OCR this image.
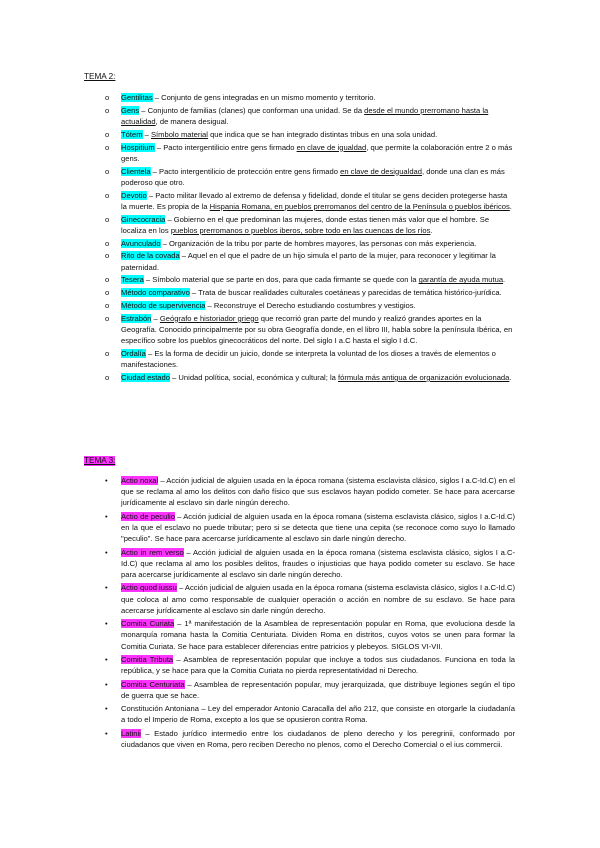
TEMA 2:
o	Gentilitas – Conjunto de gens integradas en un mismo momento y territorio.
o	Gens – Conjunto de familias (clanes) que conforman una unidad. Se da desde el mundo prerromano hasta la actualidad, de manera desigual.
o	Tótem – Símbolo material que indica que se han integrado distintas tribus en una sola unidad.
o	Hospitium – Pacto intergentilicio entre gens firmado en clave de igualdad, que permite la colaboración entre 2 o más gens.
o	Clientela – Pacto intergentilicio de protección entre gens firmado en clave de desigualdad, donde una clan es más poderoso que otro.
o	Devotio – Pacto militar llevado al extremo de defensa y fidelidad, donde el titular se gens deciden protegerse hasta la muerte. Es propia de la Hispania Romana, en pueblos prerromanos del centro de la Península o pueblos ibéricos.
o	Ginecocracia – Gobierno en el que predominan las mujeres, donde estas tienen más valor que el hombre. Se localiza en los pueblos prerromanos o pueblos iberos, sobre todo en las cuencas de los ríos.
o	Avunculado – Organización de la tribu por parte de hombres mayores, las personas con más experiencia.
o	Rito de la covada – Aquel en el que el padre de un hijo simula el parto de la mujer, para reconocer y legitimar la paternidad.
o	Tesera – Símbolo material que se parte en dos, para que cada firmante se quede con la garantía de ayuda mutua.
o	Método comparativo – Trata de buscar realidades culturales coetáneas y parecidas de temática histórico-jurídica.
o	Método de supervivencia – Reconstruye el Derecho estudiando costumbres y vestigios.
o	Estrabón – Geógrafo e historiador griego que recorrió gran parte del mundo y realizó grandes aportes en la Geografía. Conocido principalmente por su obra Geografía donde, en el libro III, habla sobre la península Ibérica, en específico sobre los pueblos ginecocráticos del norte. Del siglo I a.C hasta el siglo I d.C.
o	Ordalía – Es la forma de decidir un juicio, donde se interpreta la voluntad de los dioses a través de elementos o manifestaciones.
o	Ciudad estado – Unidad política, social, económica y cultural; la fórmula más antigua de organización evolucionada.
TEMA 3:
•	Actio noxal – Acción judicial de alguien usada en la época romana (sistema esclavista clásico, siglos I a.C-Id.C) en el que se reclama al amo los delitos con daño físico que sus esclavos hayan podido cometer. Se hace para acercarse jurídicamente al esclavo sin darle ningún derecho.
•	Actio de peculio – Acción judicial de alguien usada en la época romana (sistema esclavista clásico, siglos I a.C-Id.C) en la que el esclavo no puede tributar; pero si se detecta que tiene una cepita (se reconoce como suyo lo llamado "peculio". Se hace para acercarse jurídicamente al esclavo sin darle ningún derecho.
•	Actio in rem verso – Acción judicial de alguien usada en la época romana (sistema esclavista clásico, siglos I a.C-Id.C) que reclama al amo los posibles delitos, fraudes o injusticias que haya podido cometer su esclavo. Se hace para acercarse jurídicamente al esclavo sin darle ningún derecho.
•	Actio quod iussu – Acción judicial de alguien usada en la época romana (sistema esclavista clásico, siglos I a.C-Id.C) que coloca al amo como responsable de cualquier operación o acción en nombre de su esclavo. Se hace para acercarse jurídicamente al esclavo sin darle ningún derecho.
•	Comitia Curiata – 1ª manifestación de la Asamblea de representación popular en Roma, que evoluciona desde la monarquía romana hasta la Comitia Centuriata. Dividen Roma en distritos, cuyos votos se unen para formar la Comitia Curiata. Se hace para establecer diferencias entre patricios y plebeyos. SIGLOS VI-VII.
•	Comitia Tributa – Asamblea de representación popular que incluye a todos sus ciudadanos. Funciona en toda la república, y se hace para que la Comitia Curiata no pierda representatividad ni Derecho.
•	Comitia Centuriata – Asamblea de representación popular, muy jerarquizada, que distribuye legiones según el tipo de guerra que se hace.
•	Constitución Antoniana – Ley del emperador Antonio Caracalla del año 212, que consiste en otorgarle la ciudadanía a todo el Imperio de Roma, excepto a los que se opusieron contra Roma.
•	Latinii – Estado jurídico intermedio entre los ciudadanos de pleno derecho y los peregrinii, conformado por ciudadanos que viven en Roma, pero reciben Derecho no plenos, como el Derecho Comercial o el ius commercii.
